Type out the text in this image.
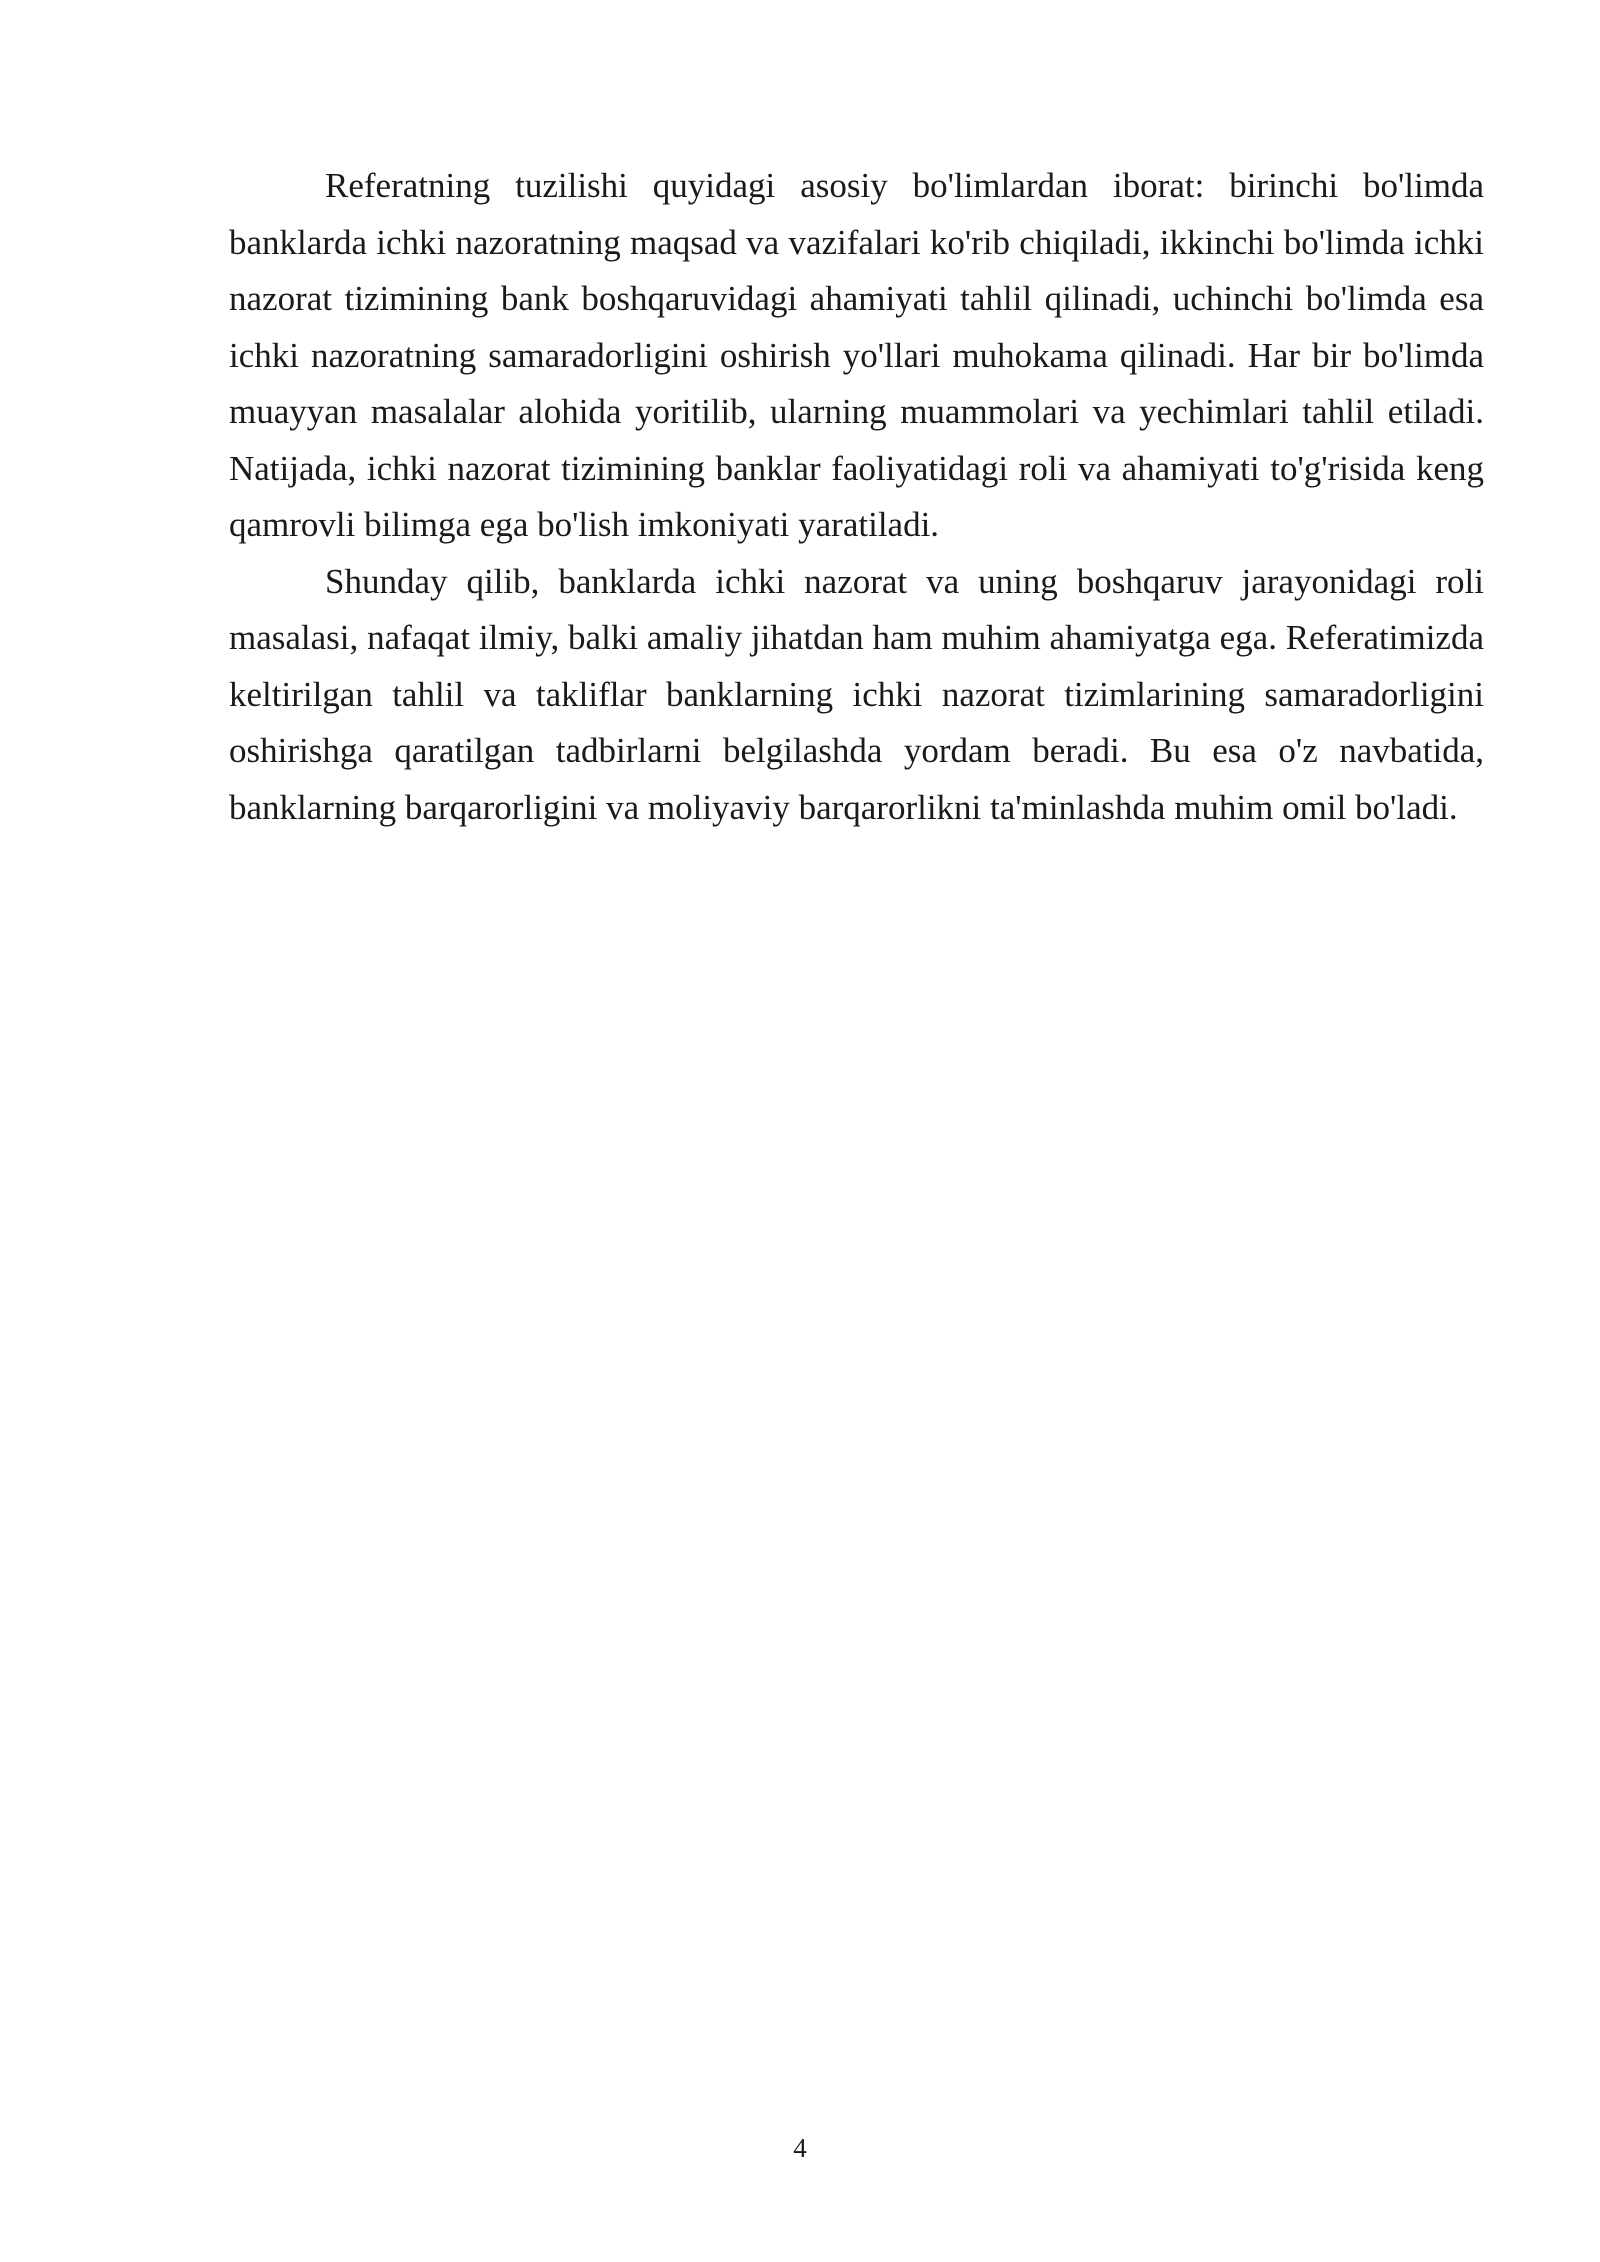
Referatning tuzilishi quyidagi asosiy bo'limlardan iborat: birinchi bo'limda banklarda ichki nazoratning maqsad va vazifalari ko'rib chiqiladi, ikkinchi bo'limda ichki nazorat tizimining bank boshqaruvidagi ahamiyati tahlil qilinadi, uchinchi bo'limda esa ichki nazoratning samaradorligini oshirish yo'llari muhokama qilinadi. Har bir bo'limda muayyan masalalar alohida yoritilib, ularning muammolari va yechimlari tahlil etiladi. Natijada, ichki nazorat tizimining banklar faoliyatidagi roli va ahamiyati to'g'risida keng qamrovli bilimga ega bo'lish imkoniyati yaratiladi.

Shunday qilib, banklarda ichki nazorat va uning boshqaruv jarayonidagi roli masalasi, nafaqat ilmiy, balki amaliy jihatdan ham muhim ahamiyatga ega. Referatimizda keltirilgan tahlil va takliflar banklarning ichki nazorat tizimlarining samaradorligini oshirishga qaratilgan tadbirlarni belgilashda yordam beradi. Bu esa o'z navbatida, banklarning barqarorligini va moliyaviy barqarorlikni ta'minlashda muhim omil bo'ladi.

4
